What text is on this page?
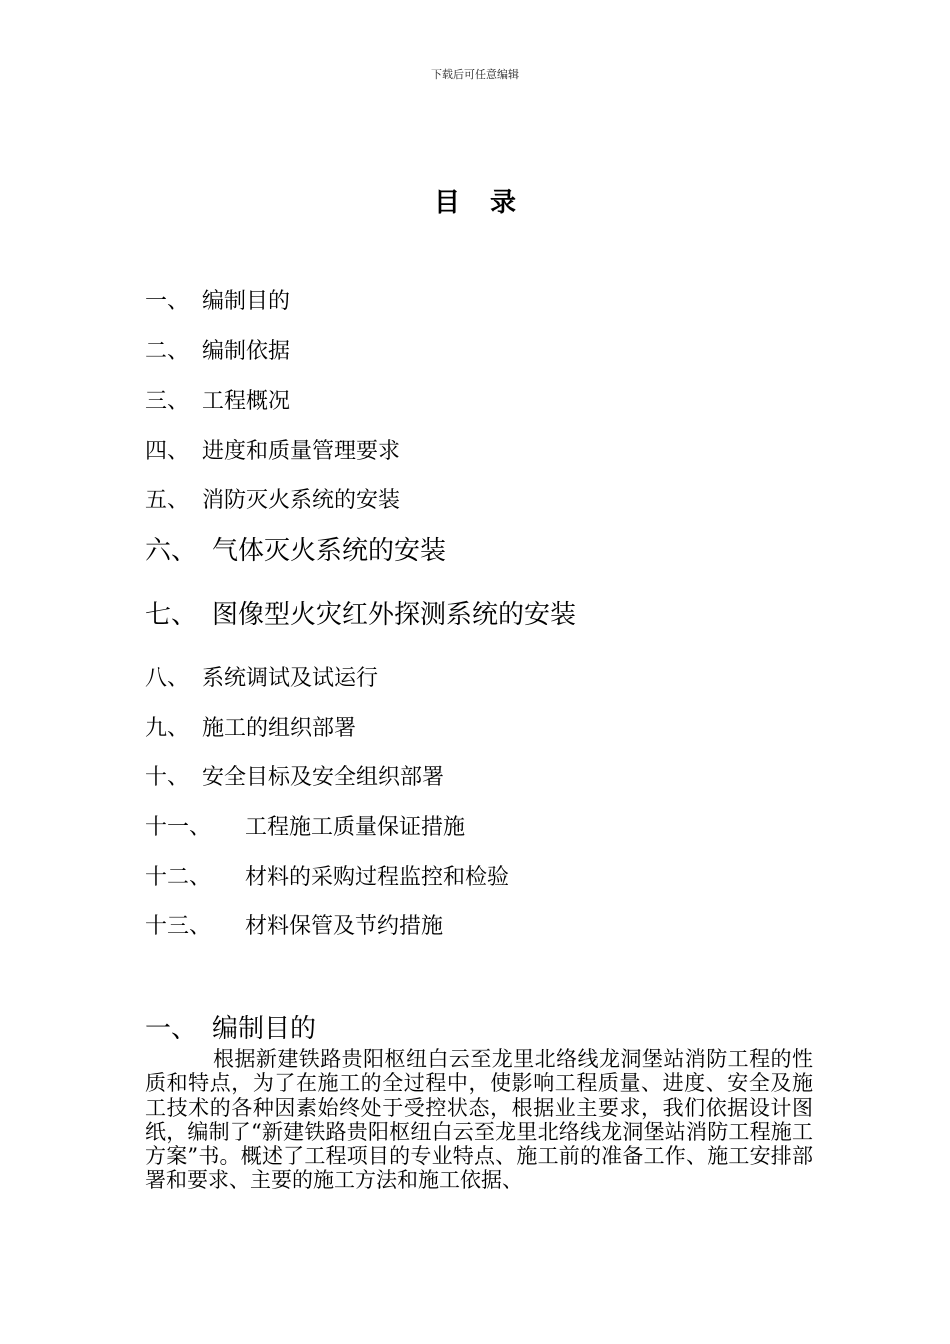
下载后可任意编辑
目录
一、 编制目的
二、 编制依据
三、 工程概况
四、 进度和质量管理要求
五、 消防灭火系统的安装
六、 气体灭火系统的安装
七、 图像型火灾红外探测系统的安装
八、 系统调试及试运行
九、 施工的组织部署
十、 安全目标及安全组织部署
十一、	工程施工质量保证措施
十二、	材料的采购过程监控和检验
十三、	材料保管及节约措施
一、 编制目的
根据新建铁路贵阳枢纽白云至龙里北络线龙洞堡站消防工程的性质和特点，为了在施工的全过程中，使影响工程质量、进度、安全及施工技术的各种因素始终处于受控状态，根据业主要求，我们依据设计图纸，编制了“新建铁路贵阳枢纽白云至龙里北络线龙洞堡站消防工程施工方案”书。概述了工程项目的专业特点、施工前的准备工作、施工安排部署和要求、主要的施工方法和施工依据、
